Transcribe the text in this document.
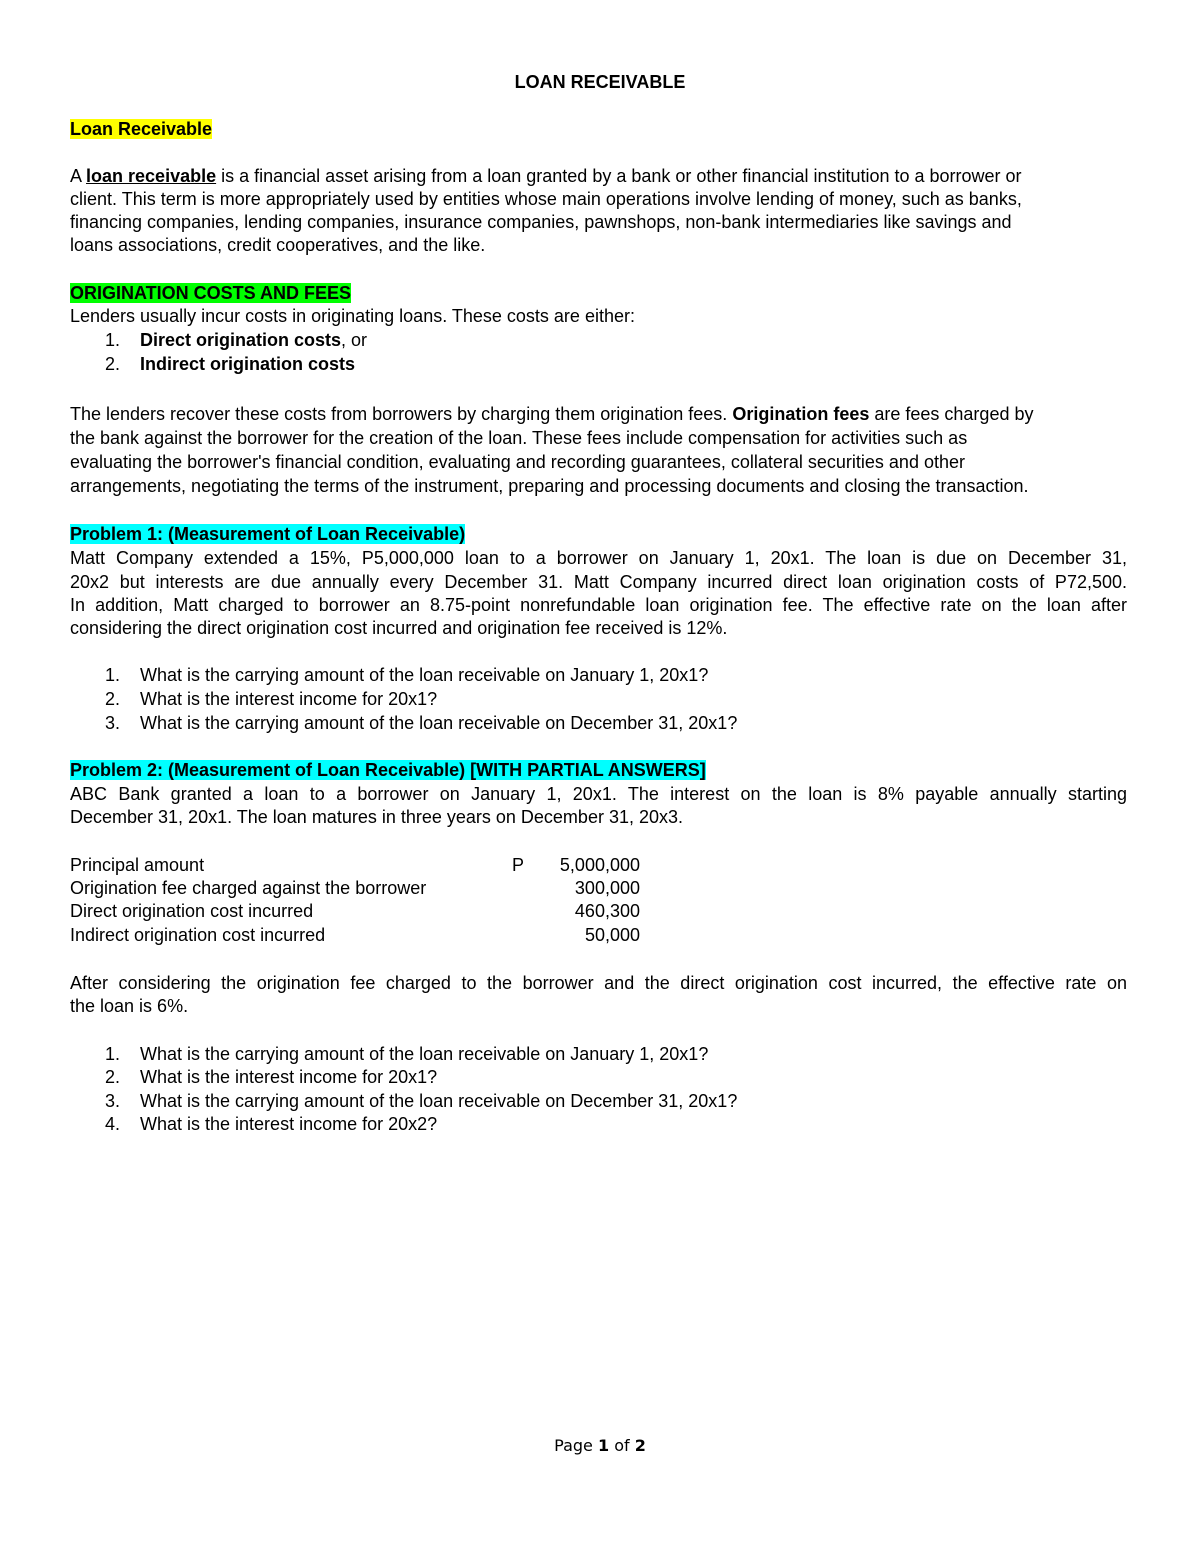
LOAN RECEIVABLE
Loan Receivable
A loan receivable is a financial asset arising from a loan granted by a bank or other financial institution to a borrower or
client. This term is more appropriately used by entities whose main operations involve lending of money, such as banks,
financing companies, lending companies, insurance companies, pawnshops, non-bank intermediaries like savings and
loans associations, credit cooperatives, and the like.
ORIGINATION COSTS AND FEES
Lenders usually incur costs in originating loans. These costs are either:
1. Direct origination costs, or
2. Indirect origination costs
The lenders recover these costs from borrowers by charging them origination fees. Origination fees are fees charged by
the bank against the borrower for the creation of the loan. These fees include compensation for activities such as
evaluating the borrower's financial condition, evaluating and recording guarantees, collateral securities and other
arrangements, negotiating the terms of the instrument, preparing and processing documents and closing the transaction.
Problem 1: (Measurement of Loan Receivable)
Matt Company extended a 15%, P5,000,000 loan to a borrower on January 1, 20x1. The loan is due on December 31,
20x2 but interests are due annually every December 31. Matt Company incurred direct loan origination costs of P72,500.
In addition, Matt charged to borrower an 8.75-point nonrefundable loan origination fee. The effective rate on the loan after
considering the direct origination cost incurred and origination fee received is 12%.
1. What is the carrying amount of the loan receivable on January 1, 20x1?
2. What is the interest income for 20x1?
3. What is the carrying amount of the loan receivable on December 31, 20x1?
Problem 2: (Measurement of Loan Receivable) [WITH PARTIAL ANSWERS]
ABC Bank granted a loan to a borrower on January 1, 20x1. The interest on the loan is 8% payable annually starting
December 31, 20x1. The loan matures in three years on December 31, 20x3.
Principal amount	P	5,000,000
Origination fee charged against the borrower	300,000
Direct origination cost incurred	460,300
Indirect origination cost incurred	50,000
After considering the origination fee charged to the borrower and the direct origination cost incurred, the effective rate on
the loan is 6%.
1. What is the carrying amount of the loan receivable on January 1, 20x1?
2. What is the interest income for 20x1?
3. What is the carrying amount of the loan receivable on December 31, 20x1?
4. What is the interest income for 20x2?
Page 1 of 2
